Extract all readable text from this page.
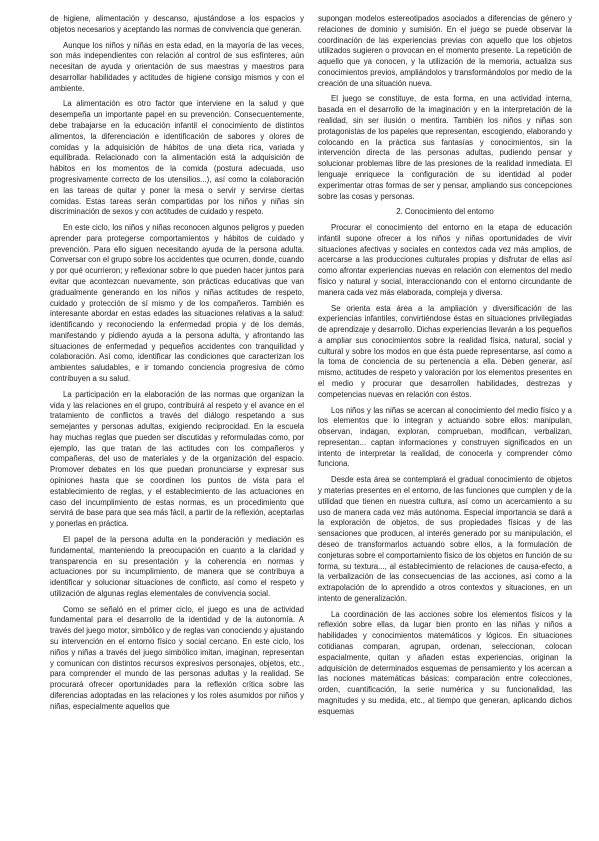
de higiene, alimentación y descanso, ajustándose a los espacios y objetos necesarios y aceptando las normas de convivencia que generan.

Aunque los niños y niñas en esta edad, en la mayoría de las veces, son más independientes con relación al control de sus esfínteres, aún necesitan de ayuda y orientación de sus maestras y maestros para desarrollar habilidades y actitudes de higiene consigo mismos y con el ambiente.

La alimentación es otro factor que interviene en la salud y que desempeña un importante papel en su prevención. Consecuentemente, debe trabajarse en la educación infantil el conocimiento de distintos alimentos, la diferenciación e identificación de sabores y olores de comidas y la adquisición de hábitos de una dieta rica, variada y equilibrada. Relacionado con la alimentación está la adquisición de hábitos en los momentos de la comida (postura adecuada, uso progresivamente correcto de los utensilios...), así como la colaboración en las tareas de quitar y poner la mesa o servir y servirse ciertas comidas. Estas tareas serán compartidas por los niños y niñas sin discriminación de sexos y con actitudes de cuidado y respeto.

En este ciclo, los niños y niñas reconocen algunos peligros y pueden aprender para protegerse comportamientos y hábitos de cuidado y prevención. Para ello siguen necesitando ayuda de la persona adulta. Conversar con el grupo sobre los accidentes que ocurren, donde, cuando y por qué ocurrieron; y reflexionar sobre lo que pueden hacer juntos para evitar que acontezcan nuevamente, son prácticas educativas que van gradualmente generando en los niños y niñas actitudes de respeto, cuidado y protección de sí mismo y de los compañeros. También es interesante abordar en estas edades las situaciones relativas a la salud: identificando y reconociendo la enfermedad propia y de los demás, manifestando y pidiendo ayuda a la persona adulta, y afrontando las situaciones de enfermedad y pequeños accidentes con tranquilidad y colaboración. Así como, identificar las condiciones que caracterizan los ambientes saludables, e ir tomando conciencia progresiva de cómo contribuyen a su salud.

La participación en la elaboración de las normas que organizan la vida y las relaciones en el grupo, contribuirá al respeto y el avance en el tratamiento de conflictos a través del diálogo respetando a sus semejantes y personas adultas, exigiendo reciprocidad. En la escuela hay muchas reglas que pueden ser discutidas y reformuladas como, por ejemplo, las que tratan de las actitudes con los compañeros y compañeras, del uso de materiales y de la organización del espacio. Promover debates en los que puedan pronunciarse y expresar sus opiniones hasta que se coordinen los puntos de vista para el establecimiento de reglas, y el establecimiento de las actuaciones en caso del incumplimiento de estas normas, es un procedimiento que servirá de base para que sea más fácil, a partir de la reflexión, aceptarlas y ponerlas en práctica.

El papel de la persona adulta en la ponderación y mediación es fundamental, manteniendo la preocupación en cuanto a la claridad y transparencia en su presentación y la coherencia en normas y actuaciones por su incumplimiento, de manera que se contribuya a identificar y solucionar situaciones de conflicto, así como el respeto y utilización de algunas reglas elementales de convivencia social.

Como se señaló en el primer ciclo, el juego es una de actividad fundamental para el desarrollo de la identidad y de la autonomía. A través del juego motor, simbólico y de reglas van conociendo y ajustando su intervención en el entorno físico y social cercano. En este ciclo, los niños y niñas a través del juego simbólico imitan, imaginan, representan y comunican con distintos recursos expresivos personajes, objetos, etc., para comprender el mundo de las personas adultas y la realidad. Se procurará ofrecer oportunidades para la reflexión crítica sobre las diferencias adoptadas en las relaciones y los roles asumidos por niños y niñas, especialmente aquellos que

supongan modelos estereotipados asociados a diferencias de género y relaciones de dominio y sumisión. En el juego se puede observar la coordinación de las experiencias previas con aquello que los objetos utilizados sugieren o provocan en el momento presente. La repetición de aquello que ya conocen, y la utilización de la memoria, actualiza sus conocimientos previos, ampliándolos y transformándolos por medio de la creación de una situación nueva.

El juego se constituye, de esta forma, en una actividad interna, basada en el desarrollo de la imaginación y en la interpretación de la realidad, sin ser ilusión o mentira. También los niños y niñas son protagonistas de los papeles que representan, escogiendo, elaborando y colocando en la práctica sus fantasías y conocimientos, sin la intervención directa de las personas adultas, pudiendo pensar y solucionar problemas libre de las presiones de la realidad inmediata. El lenguaje enriquece la configuración de su identidad al poder experimentar otras formas de ser y pensar, ampliando sus concepciones sobre las cosas y personas.

2. Conocimiento del entorno

Procurar el conocimiento del entorno en la etapa de educación infantil supone ofrecer a los niños y niñas oportunidades de vivir situaciones afectivas y sociales en contextos cada vez más amplios, de acercarse a las producciones culturales propias y disfrutar de ellas así como afrontar experiencias nuevas en relación con elementos del medio físico y natural y social, interaccionando con el entorno circundante de manera cada vez más elaborada, compleja y diversa.

Se orienta esta área a la ampliación y diversificación de las experiencias infantiles, convirtiéndose éstas en situaciones privilegiadas de aprendizaje y desarrollo. Dichas experiencias llevarán a los pequeños a ampliar sus conocimientos sobre la realidad física, natural, social y cultural y sobre los modos en que ésta puede representarse, así como a la toma de conciencia de su pertenencia a ella. Deben generar, así mismo, actitudes de respeto y valoración por los elementos presentes en el medio y procurar que desarrollen habilidades, destrezas y competencias nuevas en relación con éstos.

Los niños y las niñas se acercan al conocimiento del medio físico y a los elementos que lo integran y actuando sobre ellos: manipulan, observan, indagan, exploran, comprueban, modifican, verbalizan, representan... captan informaciones y construyen significados en un intento de interpretar la realidad, de conocerla y comprender cómo funciona.

Desde esta área se contemplará el gradual conocimiento de objetos y materias presentes en el entorno, de las funciones que cumplen y de la utilidad que tienen en nuestra cultura, así como un acercamiento a su uso de manera cada vez más autónoma. Especial importancia se dará a la exploración de objetos, de sus propiedades físicas y de las sensaciones que producen, al interés generado por su manipulación, el deseo de transformarlos actuando sobre ellos, a la formulación de conjeturas sobre el comportamiento físico de los objetos en función de su forma, su textura..., al establecimiento de relaciones de causa-efecto, a la verbalización de las consecuencias de las acciones, así como a la extrapolación de lo aprendido a otros contextos y situaciones, en un intento de generalización.

La coordinación de las acciones sobre los elementos físicos y la reflexión sobre ellas, da lugar bien pronto en las niñas y niños a habilidades y conocimientos matemáticos y lógicos. En situaciones cotidianas comparan, agrupan, ordenan, seleccionan, colocan espacialmente, quitan y añaden estas experiencias, originan la adquisición de determinados esquemas de pensamiento y los acercan a las nociones matemáticas básicas: comparación entre colecciones, orden, cuantificación, la serie numérica y su funcionalidad, las magnitudes y su medida, etc., al tiempo que generan, aplicando dichos esquemas
